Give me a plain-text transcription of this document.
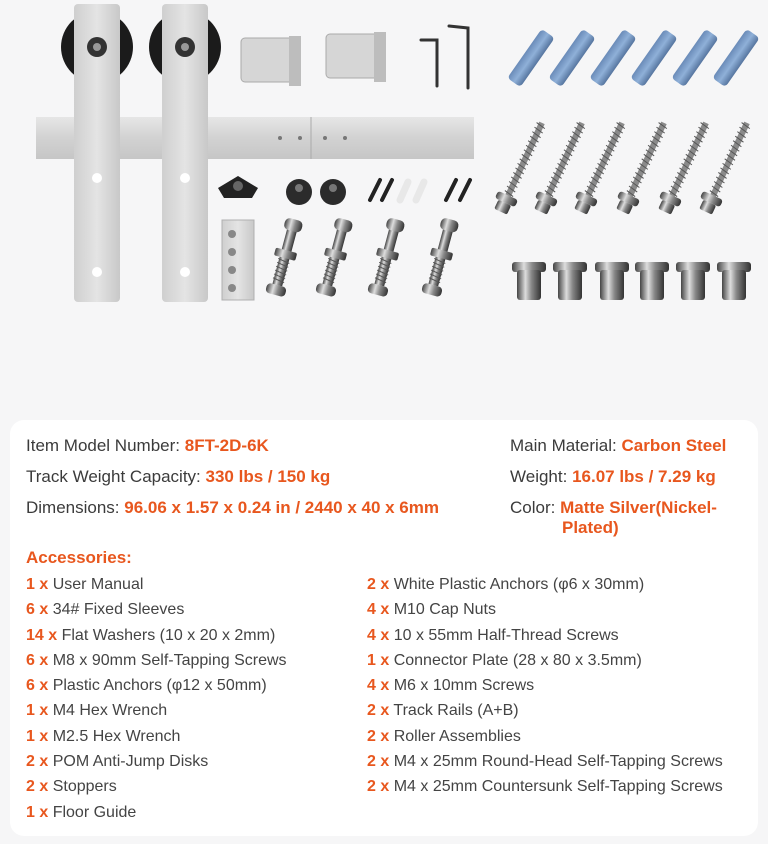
Item Model Number: 8FT-2D-6K
Track Weight Capacity: 330 lbs / 150 kg
Dimensions: 96.06 x 1.57 x 0.24 in / 2440 x 40 x 6mm
Main Material: Carbon Steel
Weight: 16.07 lbs / 7.29 kg
Color: Matte Silver(Nickel-
Plated)
Accessories:
1 x User Manual
6 x 34# Fixed Sleeves
14 x Flat Washers (10 x 20 x 2mm)
6 x M8 x 90mm Self-Tapping Screws
6 x Plastic Anchors (φ12 x 50mm)
1 x M4 Hex Wrench
1 x M2.5 Hex Wrench
2 x POM Anti-Jump Disks
2 x Stoppers
1 x Floor Guide
2 x White Plastic Anchors (φ6 x 30mm)
4 x M10 Cap Nuts
4 x 10 x 55mm Half-Thread Screws
1 x Connector Plate (28 x 80 x 3.5mm)
4 x M6 x 10mm Screws
2 x Track Rails (A+B)
2 x Roller Assemblies
2 x M4 x 25mm Round-Head Self-Tapping Screws
2 x M4 x 25mm Countersunk Self-Tapping Screws
